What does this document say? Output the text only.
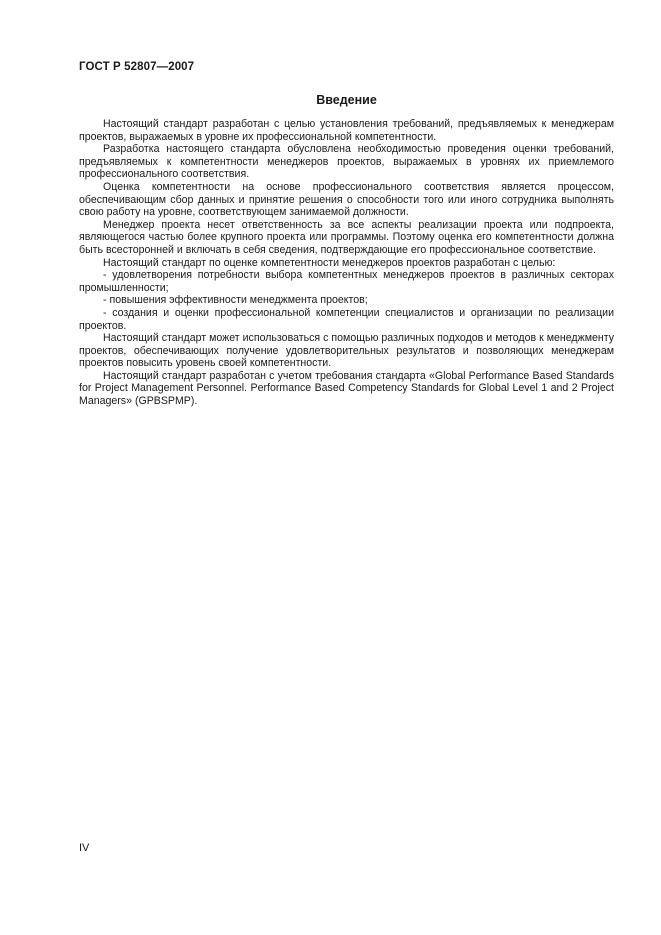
ГОСТ Р 52807—2007
Введение

Настоящий стандарт разработан с целью установления требований, предъявляемых к менеджерам проектов, выражаемых в уровне их профессиональной компетентности.

Разработка настоящего стандарта обусловлена необходимостью проведения оценки требований, предъявляемых к компетентности менеджеров проектов, выражаемых в уровнях их приемлемого профессионального соответствия.

Оценка компетентности на основе профессионального соответствия является процессом, обеспечивающим сбор данных и принятие решения о способности того или иного сотрудника выполнять свою работу на уровне, соответствующем занимаемой должности.

Менеджер проекта несет ответственность за все аспекты реализации проекта или подпроекта, являющегося частью более крупного проекта или программы. Поэтому оценка его компетентности должна быть всесторонней и включать в себя сведения, подтверждающие его профессиональное соответствие.

Настоящий стандарт по оценке компетентности менеджеров проектов разработан с целью:

- удовлетворения потребности выбора компетентных менеджеров проектов в различных секторах промышленности;

- повышения эффективности менеджмента проектов;

- создания и оценки профессиональной компетенции специалистов и организации по реализации проектов.

Настоящий стандарт может использоваться с помощью различных подходов и методов к менеджменту проектов, обеспечивающих получение удовлетворительных результатов и позволяющих менеджерам проектов повысить уровень своей компетентности.

Настоящий стандарт разработан с учетом требования стандарта «Global Performance Based Standards for Project Management Personnel. Performance Based Competency Standards for Global Level 1 and 2 Project Managers» (GPBSPMP).

IV
